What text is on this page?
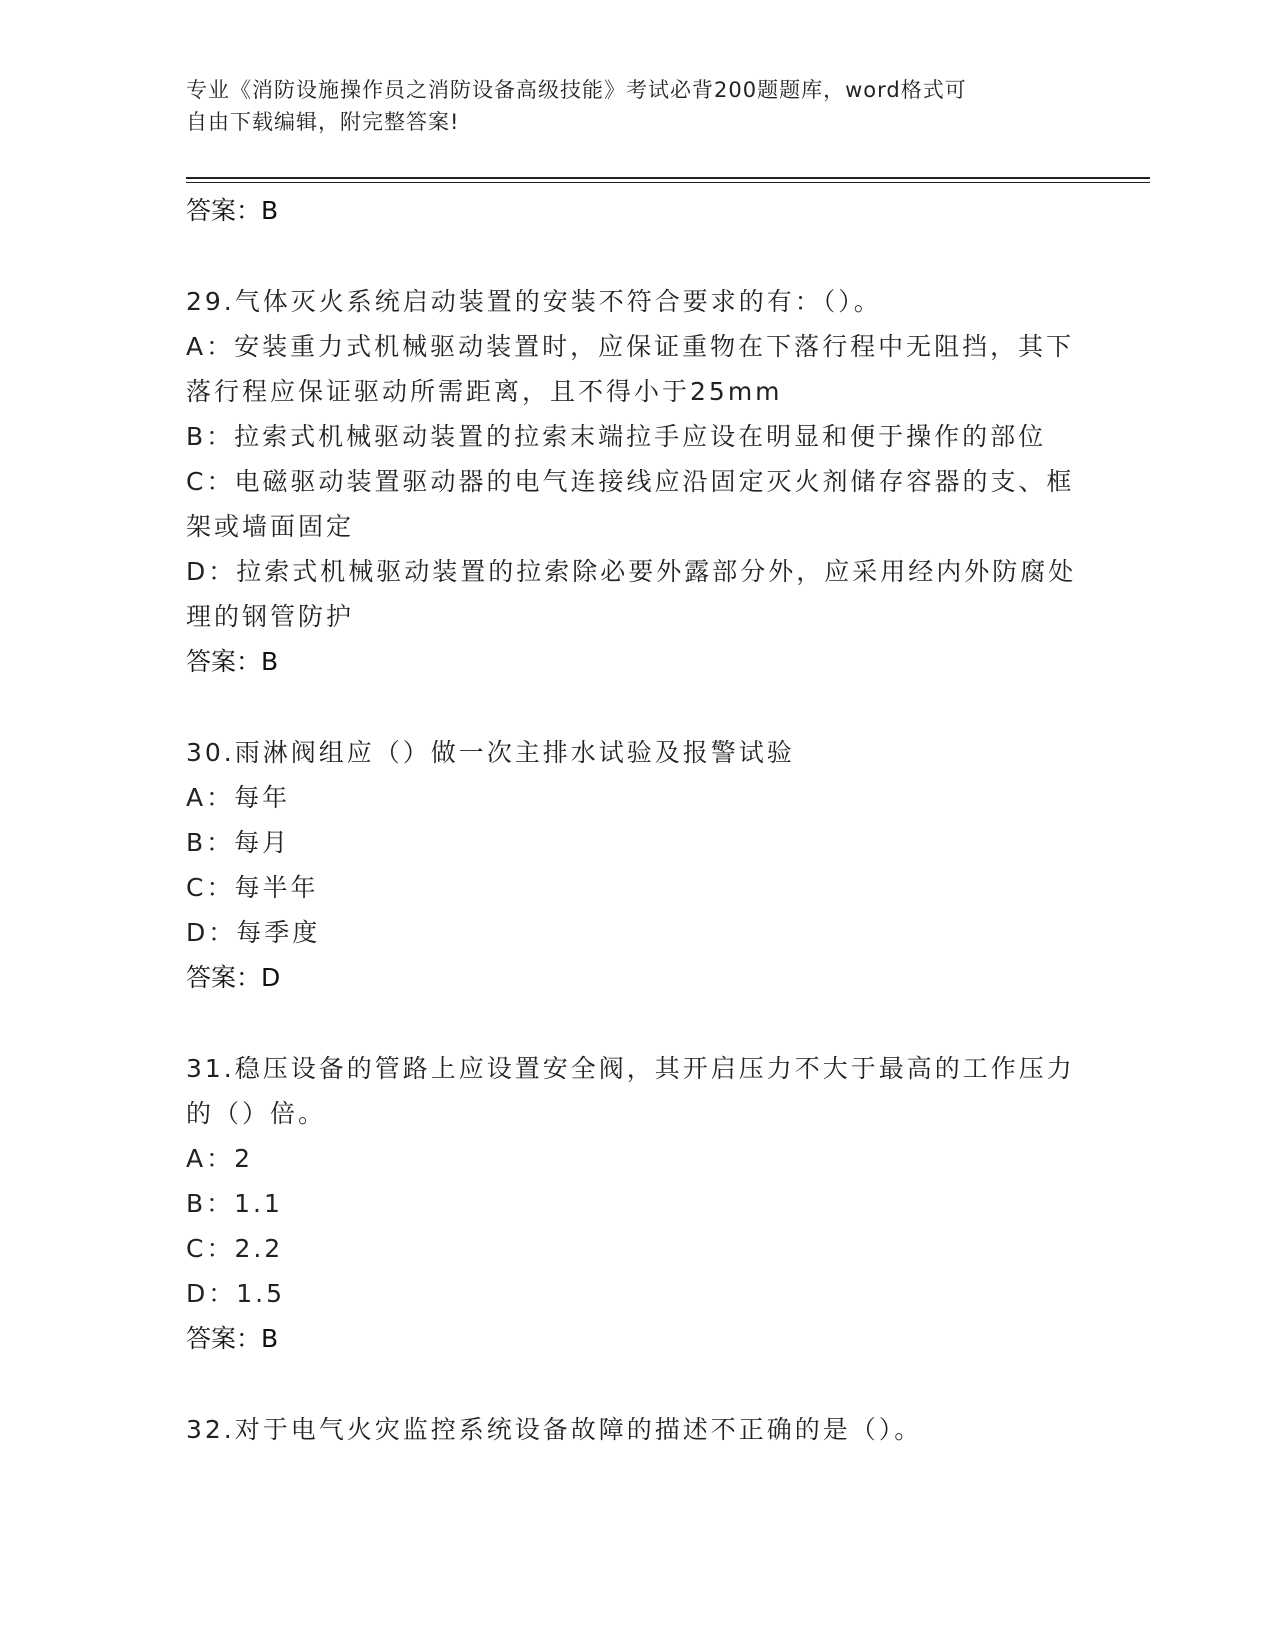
专业《消防设施操作员之消防设备高级技能》考试必背200题题库，word格式可
自由下载编辑，附完整答案!
答案：B
29.气体灭火系统启动装置的安装不符合要求的有：（）。
A：安装重力式机械驱动装置时，应保证重物在下落行程中无阻挡，其下落行程应保证驱动所需距离，且不得小于25mm
B：拉索式机械驱动装置的拉索末端拉手应设在明显和便于操作的部位
C：电磁驱动装置驱动器的电气连接线应沿固定灭火剂储存容器的支、框架或墙面固定
D：拉索式机械驱动装置的拉索除必要外露部分外，应采用经内外防腐处理的钢管防护
答案：B
30.雨淋阀组应（）做一次主排水试验及报警试验
A：每年
B：每月
C：每半年
D：每季度
答案：D
31.稳压设备的管路上应设置安全阀，其开启压力不大于最高的工作压力的（）倍。
A：2
B：1.1
C：2.2
D：1.5
答案：B
32.对于电气火灾监控系统设备故障的描述不正确的是（）。
